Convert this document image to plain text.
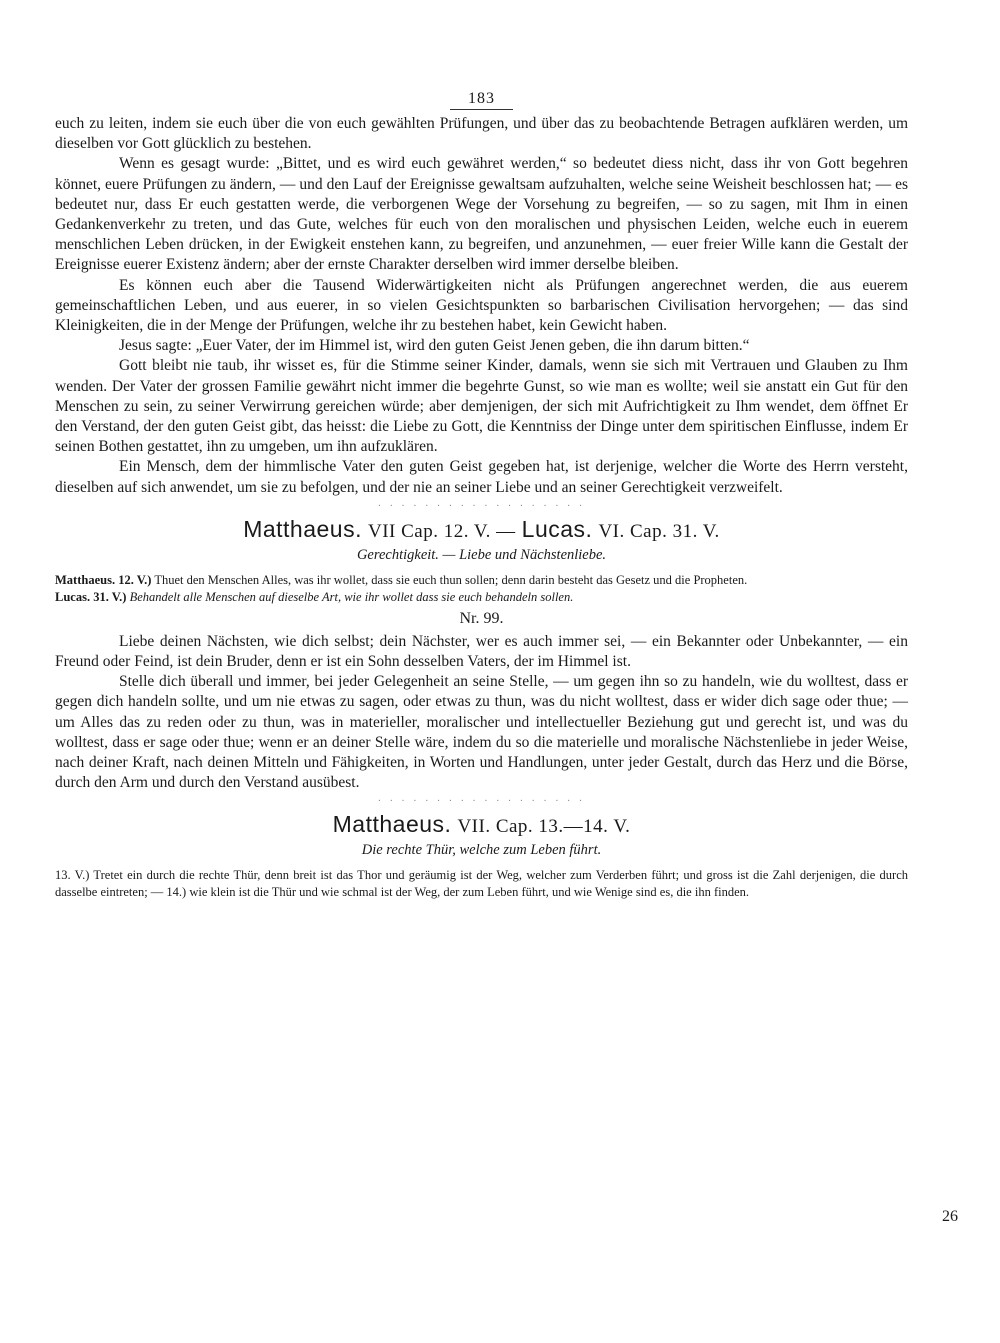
183

euch zu leiten, indem sie euch über die von euch gewählten Prüfungen, und über das zu beobachtende Betragen aufklären werden, um dieselben vor Gott glücklich zu bestehen.

Wenn es gesagt wurde: „Bittet, und es wird euch gewähret werden,“ so bedeutet diess nicht, dass ihr von Gott begehren könnet, euere Prüfungen zu ändern, — und den Lauf der Ereignisse gewaltsam aufzuhalten, welche seine Weisheit beschlossen hat; — es bedeutet nur, dass Er euch gestatten werde, die verborgenen Wege der Vorsehung zu begreifen, — so zu sagen, mit Ihm in einen Gedankenverkehr zu treten, und das Gute, welches für euch von den moralischen und physischen Leiden, welche euch in euerem menschlichen Leben drücken, in der Ewigkeit enstehen kann, zu begreifen, und anzunehmen, — euer freier Wille kann die Gestalt der Ereignisse euerer Existenz ändern; aber der ernste Charakter derselben wird immer derselbe bleiben.

Es können euch aber die Tausend Widerwärtigkeiten nicht als Prüfungen angerechnet werden, die aus euerem gemeinschaftlichen Leben, und aus euerer, in so vielen Gesichtspunkten so barbarischen Civilisation hervorgehen; — das sind Kleinigkeiten, die in der Menge der Prüfungen, welche ihr zu bestehen habet, kein Gewicht haben.

Jesus sagte: „Euer Vater, der im Himmel ist, wird den guten Geist Jenen geben, die ihn darum bitten.“

Gott bleibt nie taub, ihr wisset es, für die Stimme seiner Kinder, damals, wenn sie sich mit Vertrauen und Glauben zu Ihm wenden. Der Vater der grossen Familie gewährt nicht immer die begehrte Gunst, so wie man es wollte; weil sie anstatt ein Gut für den Menschen zu sein, zu seiner Verwirrung gereichen würde; aber demjenigen, der sich mit Aufrichtigkeit zu Ihm wendet, dem öffnet Er den Verstand, der den guten Geist gibt, das heisst: die Liebe zu Gott, die Kenntniss der Dinge unter dem spiritischen Einflusse, indem Er seinen Bothen gestattet, ihn zu umgeben, um ihn aufzuklären.

Ein Mensch, dem der himmlische Vater den guten Geist gegeben hat, ist derjenige, welcher die Worte des Herrn versteht, dieselben auf sich anwendet, um sie zu befolgen, und der nie an seiner Liebe und an seiner Gerechtigkeit verzweifelt.

· · · · · · · · · · · · · · · · · ·
Matthaeus. VII Cap. 12. V. — Lucas. VI. Cap. 31. V.
Gerechtigkeit. — Liebe und Nächstenliebe.

Matthaeus. 12. V.) Thuet den Menschen Alles, was ihr wollet, dass sie euch thun sollen; denn darin besteht das Gesetz und die Propheten.

Lucas. 31. V.) Behandelt alle Menschen auf dieselbe Art, wie ihr wollet dass sie euch behandeln sollen.

Nr. 99.

Liebe deinen Nächsten, wie dich selbst; dein Nächster, wer es auch immer sei, — ein Bekannter oder Unbekannter, — ein Freund oder Feind, ist dein Bruder, denn er ist ein Sohn desselben Vaters, der im Himmel ist.

Stelle dich überall und immer, bei jeder Gelegenheit an seine Stelle, — um gegen ihn so zu handeln, wie du wolltest, dass er gegen dich handeln sollte, und um nie etwas zu sagen, oder etwas zu thun, was du nicht wolltest, dass er wider dich sage oder thue; — um Alles das zu reden oder zu thun, was in materieller, moralischer und intellectueller Beziehung gut und gerecht ist, und was du wolltest, dass er sage oder thue; wenn er an deiner Stelle wäre, indem du so die materielle und moralische Nächstenliebe in jeder Weise, nach deiner Kraft, nach deinen Mitteln und Fähigkeiten, in Worten und Handlungen, unter jeder Gestalt, durch das Herz und die Börse, durch den Arm und durch den Verstand ausübest.

· · · · · · · · · · · · · · · · · ·
Matthaeus. VII. Cap. 13.—14. V.
Die rechte Thür, welche zum Leben führt.

13. V.) Tretet ein durch die rechte Thür, denn breit ist das Thor und geräumig ist der Weg, welcher zum Verderben führt; und gross ist die Zahl derjenigen, die durch dasselbe eintreten; — 14.) wie klein ist die Thür und wie schmal ist der Weg, der zum Leben führt, und wie Wenige sind es, die ihn finden.

26
